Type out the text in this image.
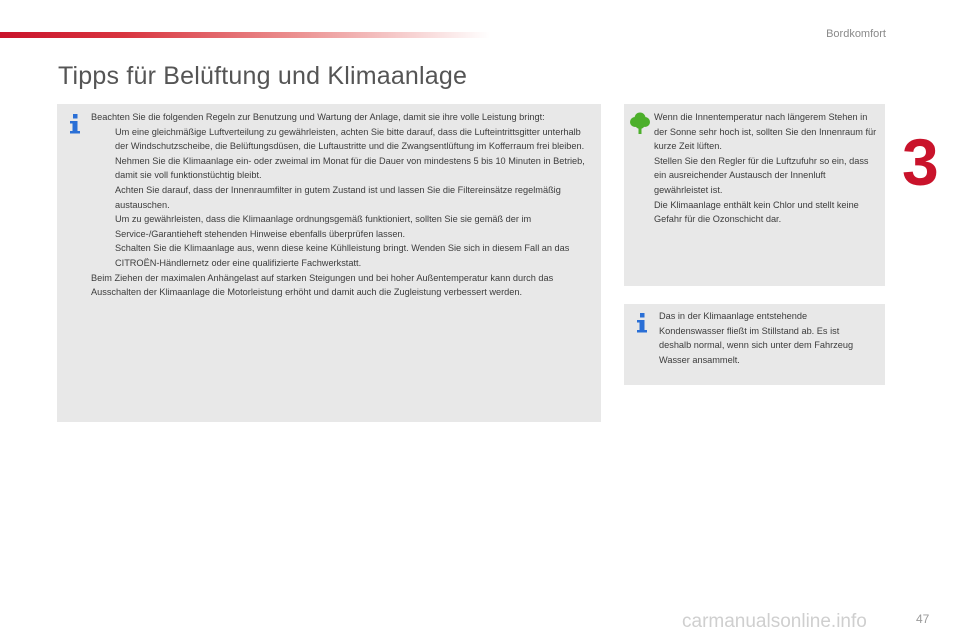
Bordkomfort
3
Tipps für Belüftung und Klimaanlage

Beachten Sie die folgenden Regeln zur Benutzung und Wartung der Anlage, damit sie ihre volle Leistung bringt:

Um eine gleichmäßige Luftverteilung zu gewährleisten, achten Sie bitte darauf, dass die Lufteintrittsgitter unterhalb der Windschutzscheibe, die Belüftungsdüsen, die Luftaustritte und die Zwangsentlüftung im Kofferraum frei bleiben.
Nehmen Sie die Klimaanlage ein- oder zweimal im Monat für die Dauer von mindestens 5 bis 10 Minuten in Betrieb, damit sie voll funktionstüchtig bleibt.
Achten Sie darauf, dass der Innenraumfilter in gutem Zustand ist und lassen Sie die Filtereinsätze regelmäßig austauschen.
Um zu gewährleisten, dass die Klimaanlage ordnungsgemäß funktioniert, sollten Sie sie gemäß der im Service-/Garantieheft stehenden Hinweise ebenfalls überprüfen lassen.
Schalten Sie die Klimaanlage aus, wenn diese keine Kühlleistung bringt. Wenden Sie sich in diesem Fall an das CITROËN-Händlernetz oder eine qualifizierte Fachwerkstatt.

Beim Ziehen der maximalen Anhängelast auf starken Steigungen und bei hoher Außentemperatur kann durch das Ausschalten der Klimaanlage die Motorleistung erhöht und damit auch die Zugleistung verbessert werden.

Wenn die Innentemperatur nach längerem Stehen in der Sonne sehr hoch ist, sollten Sie den Innenraum für kurze Zeit lüften.
Stellen Sie den Regler für die Luftzufuhr so ein, dass ein ausreichender Austausch der Innenluft gewährleistet ist.
Die Klimaanlage enthält kein Chlor und stellt keine Gefahr für die Ozonschicht dar.
Das in der Klimaanlage entstehende Kondenswasser fließt im Stillstand ab. Es ist deshalb normal, wenn sich unter dem Fahrzeug Wasser ansammelt.
carmanualsonline.info	47
